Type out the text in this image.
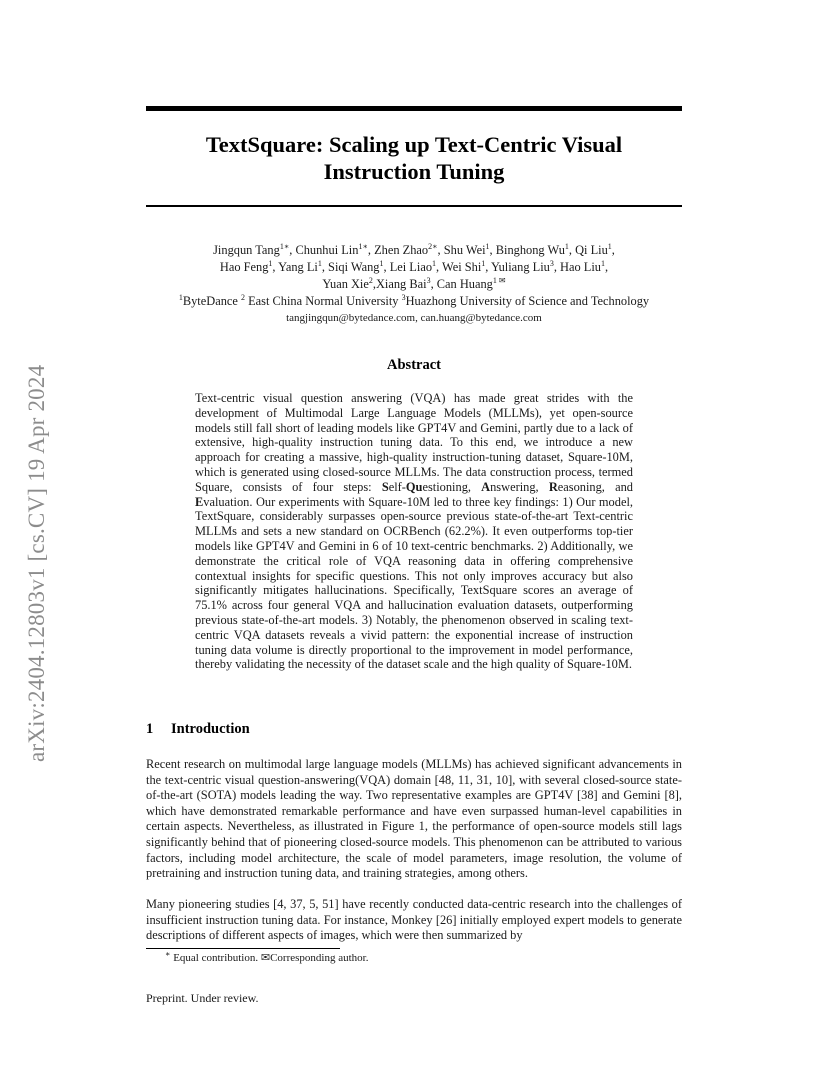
arXiv:2404.12803v1 [cs.CV] 19 Apr 2024
TextSquare: Scaling up Text-Centric Visual
Instruction Tuning
Jingqun Tang$^{1∗}$, Chunhui Lin$^{1∗}$, Zhen Zhao$^{2∗}$, Shu Wei$^1$, Binghong Wu$^1$, Qi Liu$^1$,
Hao Feng$^1$, Yang Li$^1$, Siqi Wang$^1$, Lei Liao$^1$, Wei Shi$^1$, Yuliang Liu$^3$, Hao Liu$^1$,
Yuan Xie$^2$,Xiang Bai$^3$, Can Huang$^{1 ✉}$
$^1$ByteDance $^2$ East China Normal University $^3$Huazhong University of Science and Technology
tangjingqun@bytedance.com, can.huang@bytedance.com
Abstract
Text-centric visual question answering (VQA) has made great strides with the development of Multimodal Large Language Models (MLLMs), yet open-source models still fall short of leading models like GPT4V and Gemini, partly due to a lack of extensive, high-quality instruction tuning data. To this end, we introduce a new approach for creating a massive, high-quality instruction-tuning dataset, Square-10M, which is generated using closed-source MLLMs. The data construction process, termed Square, consists of four steps: Self-Questioning, Answering, Reasoning, and Evaluation. Our experiments with Square-10M led to three key findings: 1) Our model, TextSquare, considerably surpasses open-source previous state-of-the-art Text-centric MLLMs and sets a new standard on OCRBench (62.2%). It even outperforms top-tier models like GPT4V and Gemini in 6 of 10 text-centric benchmarks. 2) Additionally, we demonstrate the critical role of VQA reasoning data in offering comprehensive contextual insights for specific questions. This not only improves accuracy but also significantly mitigates hallucinations. Specifically, TextSquare scores an average of 75.1% across four general VQA and hallucination evaluation datasets, outperforming previous state-of-the-art models. 3) Notably, the phenomenon observed in scaling text-centric VQA datasets reveals a vivid pattern: the exponential increase of instruction tuning data volume is directly proportional to the improvement in model performance, thereby validating the necessity of the dataset scale and the high quality of Square-10M.
1 Introduction

Recent research on multimodal large language models (MLLMs) has achieved significant advancements in the text-centric visual question-answering(VQA) domain [48, 11, 31, 10], with several closed-source state-of-the-art (SOTA) models leading the way. Two representative examples are GPT4V [38] and Gemini [8], which have demonstrated remarkable performance and have even surpassed human-level capabilities in certain aspects. Nevertheless, as illustrated in Figure 1, the performance of open-source models still lags significantly behind that of pioneering closed-source models. This phenomenon can be attributed to various factors, including model architecture, the scale of model parameters, image resolution, the volume of pretraining and instruction tuning data, and training strategies, among others.

Many pioneering studies [4, 37, 5, 51] have recently conducted data-centric research into the challenges of insufficient instruction tuning data. For instance, Monkey [26] initially employed expert models to generate descriptions of different aspects of images, which were then summarized by

∗ Equal contribution. ✉Corresponding author.
Preprint. Under review.
